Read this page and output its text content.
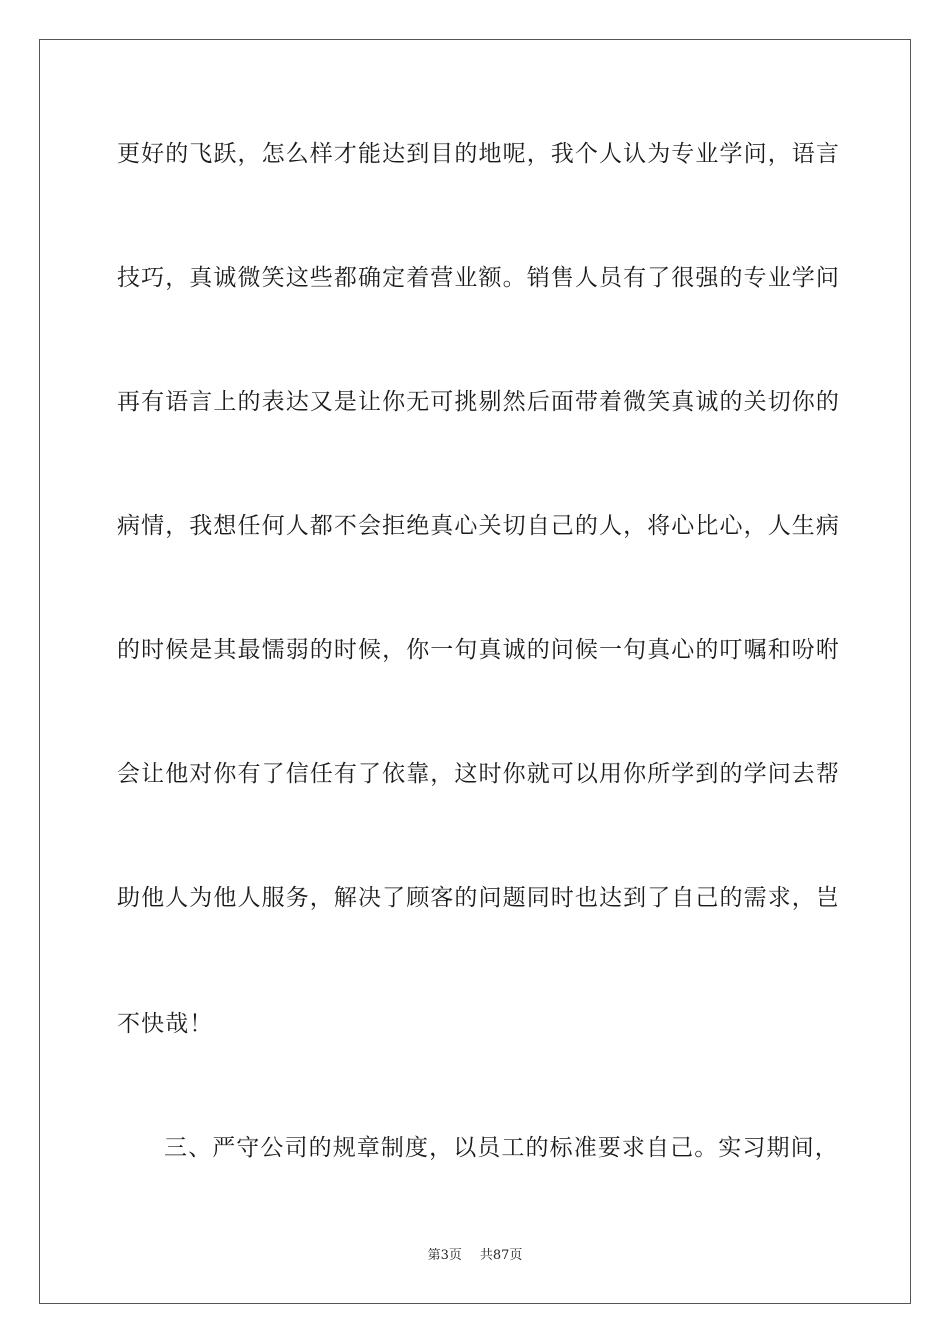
更好的飞跃，怎么样才能达到目的地呢，我个人认为专业学问，语言
技巧，真诚微笑这些都确定着营业额。销售人员有了很强的专业学问
再有语言上的表达又是让你无可挑剔然后面带着微笑真诚的关切你的
病情，我想任何人都不会拒绝真心关切自己的人，将心比心，人生病
的时候是其最懦弱的时候，你一句真诚的问候一句真心的叮嘱和吩咐
会让他对你有了信任有了依靠，这时你就可以用你所学到的学问去帮
助他人为他人服务，解决了顾客的问题同时也达到了自己的需求，岂
不快哉！
三、严守公司的规章制度，以员工的标准要求自己。实习期间，
第3页 共87页
